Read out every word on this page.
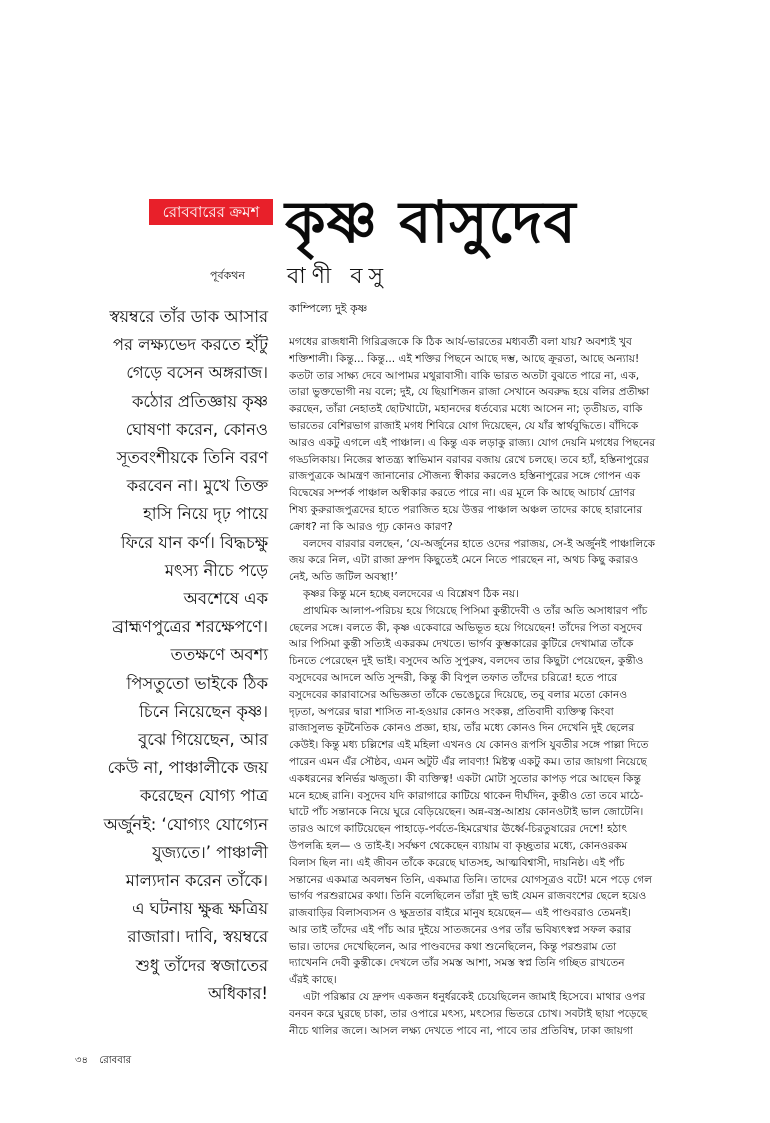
রোববারের ক্রমশ কৃষ্ণ বাসুদেব
পূর্বকথন বাণী বসু
কাম্পিল্যে দুই কৃষ্ণ
স্বয়ম্বরে তাঁর ডাক আসার
পর লক্ষ্যভেদ করতে হাঁটু
গেড়ে বসেন অঙ্গরাজ।
কঠোর প্রতিজ্ঞায় কৃষ্ণ
ঘোষণা করেন, কোনও
সূতবংশীয়কে তিনি বরণ
করবেন না। মুখে তিক্ত
হাসি নিয়ে দৃঢ় পায়ে
ফিরে যান কর্ণ। বিদ্ধচক্ষু
মৎস্য নীচে পড়ে
অবশেষে এক
ব্রাহ্মণপুত্রের শরক্ষেপণে।
ততক্ষণে অবশ্য
পিসতুতো ভাইকে ঠিক
চিনে নিয়েছেন কৃষ্ণ।
বুঝে গিয়েছেন, আর
কেউ না, পাঞ্চালীকে জয়
করেছেন যোগ্য পাত্র
অর্জুনই: ‘যোগ্যং যোগ্যেন
যুজ্যতে।’ পাঞ্চালী
মাল্যদান করেন তাঁকে।
এ ঘটনায় ক্ষুব্ধ ক্ষত্রিয়
রাজারা। দাবি, স্বয়ম্বরে
শুধু তাঁদের স্বজাতের
অধিকার!
মগধের রাজধানী গিরিব্রজকে কি ঠিক আর্য-ভারতের মধ্যবর্তী বলা যায়? অবশ্যই খুব
শক্তিশালী। কিন্তু... কিন্তু... এই শক্তির পিছনে আছে দম্ভ, আছে ক্রূরতা, আছে অন্যায়!
কতটা তার সাক্ষ্য দেবে আপামর মথুরাবাসী। বাকি ভারত অতটা বুঝতে পারে না, এক,
তারা ভুক্তভোগী নয় বলে; দুই, যে ছিয়াশিজন রাজা সেখানে অবরুদ্ধ হয়ে বলির প্রতীক্ষা
করছেন, তাঁরা নেহাতই ছোটখাটো, মহানদের ধর্তব্যের মধ্যে আসেন না; তৃতীয়ত, বাকি
ভারতের বেশিরভাগ রাজাই মগধ শিবিরে যোগ দিয়েছেন, যে যাঁর স্বার্থবুদ্ধিতে। বাঁদিকে
আরও একটু এগলে এই পাঞ্চাল। এ কিন্তু এক লড়াকু রাজ্য। যোগ দেয়নি মগধের পিছনের
গড্ডলিকায়। নিজের স্বাতন্ত্র্য স্বাভিমান বরাবর বজায় রেখে চলছে। তবে হ্যাঁ, হস্তিনাপুরের
রাজপুত্রকে আমন্ত্রণ জানানোর সৌজন্য স্বীকার করলেও হস্তিনাপুরের সঙ্গে গোপন এক
বিদ্বেষের সম্পর্ক পাঞ্চাল অস্বীকার করতে পারে না। এর মূলে কি আছে আচার্য দ্রোণর
শিষ্য কুরুরাজপুত্রদের হাতে পরাজিত হয়ে উত্তর পাঞ্চাল অঞ্চল তাদের কাছে হারানোর
ক্রোধ? না কি আরও গূঢ় কোনও কারণ?
বলদেব বারবার বলছেন, ‘যে-অর্জুনের হাতে ওদের পরাজয়, সে-ই অর্জুনই পাঞ্চালিকে
জয় করে নিল, এটা রাজা দ্রুপদ কিছুতেই মেনে নিতে পারছেন না, অথচ কিছু করারও
নেই, অতি জটিল অবস্থা!’
কৃষ্ণর কিন্তু মনে হচ্ছে বলদেবের এ বিশ্লেষণ ঠিক নয়।
প্রাথমিক আলাপ-পরিচয় হয়ে গিয়েছে পিসিমা কুন্তীদেবী ও তাঁর অতি অসাধারণ পাঁচ
ছেলের সঙ্গে। বলতে কী, কৃষ্ণ একেবারে অভিভূত হয়ে গিয়েছেন! তাঁদের পিতা বসুদেব
আর পিসিমা কুন্তী সত্যিই একরকম দেখতে। ভার্গব কুম্ভকারের কুটিরে দেখামাত্র তাঁকে
চিনতে পেরেছেন দুই ভাই। বসুদেব অতি সুপুরুষ, বলদেব তার কিছুটা পেয়েছেন, কুন্তীও
বসুদেবের আদলে অতি সুন্দরী, কিন্তু কী বিপুল তফাত তাঁদের চরিত্রে! হতে পারে
বসুদেবের কারাবাসের অভিজ্ঞতা তাঁকে ভেঙেচুরে দিয়েছে, তবু বলার মতো কোনও
দৃঢ়তা, অপরের দ্বারা শাসিত না-হওয়ার কোনও সংকল্প, প্রতিবাদী ব্যক্তিত্ব কিংবা
রাজাসুলভ কূটনৈতিক কোনও প্রজ্ঞা, হায়, তাঁর মধ্যে কোনও দিন দেখেনি দুই ছেলের
কেউই। কিন্তু মধ্য চল্লিশের এই মহিলা এখনও যে কোনও রূপসি যুবতীর সঙ্গে পাল্লা দিতে
পারেন এমন এঁর সৌষ্ঠব, এমন অটুট এঁর লাবণ্য! মিষ্টত্ব একটু কম। তার জায়গা নিয়েছে
একধরনের স্বনির্ভর ঋজুতা। কী ব্যক্তিত্ব! একটা মোটা সুতোর কাপড় পরে আছেন কিন্তু
মনে হচ্ছে রানি। বসুদেব যদি কারাগারে কাটিয়ে থাকেন দীর্ঘদিন, কুন্তীও তো তবে মাঠে-
ঘাটে পাঁচ সন্তানকে নিয়ে ঘুরে বেড়িয়েছেন। অন্ন-বস্ত্র-আশ্রয় কোনওটাই ভাল জোটেনি।
তারও আগে কাটিয়েছেন পাহাড়ে-পর্বতে-হিমরেখার ঊর্ধ্বে-চিরতুষারের দেশে! হঠাৎ
উপলব্ধি হল— ও তাই-ই। সর্বক্ষণ থেকেছেন ব্যায়াম বা কৃচ্ছ্রতার মধ্যে, কোনওরকম
বিলাস ছিল না। এই জীবন তাঁকে করেছে ঘাতসহ, আত্মবিশ্বাসী, দায়নিষ্ঠ। এই পাঁচ
সন্তানের একমাত্র অবলম্বন তিনি, একমাত্র তিনি। তাদের যোগসূত্রও বটে! মনে পড়ে গেল
ভার্গব পরশুরামের কথা। তিনি বলেছিলেন তাঁরা দুই ভাই যেমন রাজবংশের ছেলে হয়েও
রাজবাড়ির বিলাসব্যসন ও ক্ষুদ্রতার বাইরে মানুষ হয়েছেন— এই পাণ্ডবরাও তেমনই।
আর তাই তাঁদের এই পাঁচ আর দুইয়ে সাতজনের ওপর তাঁর ভবিষ্যৎস্বপ্ন সফল করার
ভার। তাদের দেখেছিলেন, আর পাণ্ডবদের কথা শুনেছিলেন, কিন্তু পরশুরাম তো
দ্যাখেননি দেবী কুন্তীকে। দেখলে তাঁর সমস্ত আশা, সমস্ত স্বপ্ন তিনি গচ্ছিত রাখতেন
এঁরই কাছে।
এটা পরিষ্কার যে দ্রুপদ একজন ধনুর্ধরকেই চেয়েছিলেন জামাই হিসেবে। মাথার ওপর
বনবন করে ঘুরছে চাকা, তার ওপারে মৎস্য, মৎস্যের ভিতরে চোখ। সবটাই ছায়া পড়েছে
নীচে থালির জলে। আসল লক্ষ্য দেখতে পাবে না, পাবে তার প্রতিবিম্ব, ঢাকা জায়গা
৩৪ রোববার
